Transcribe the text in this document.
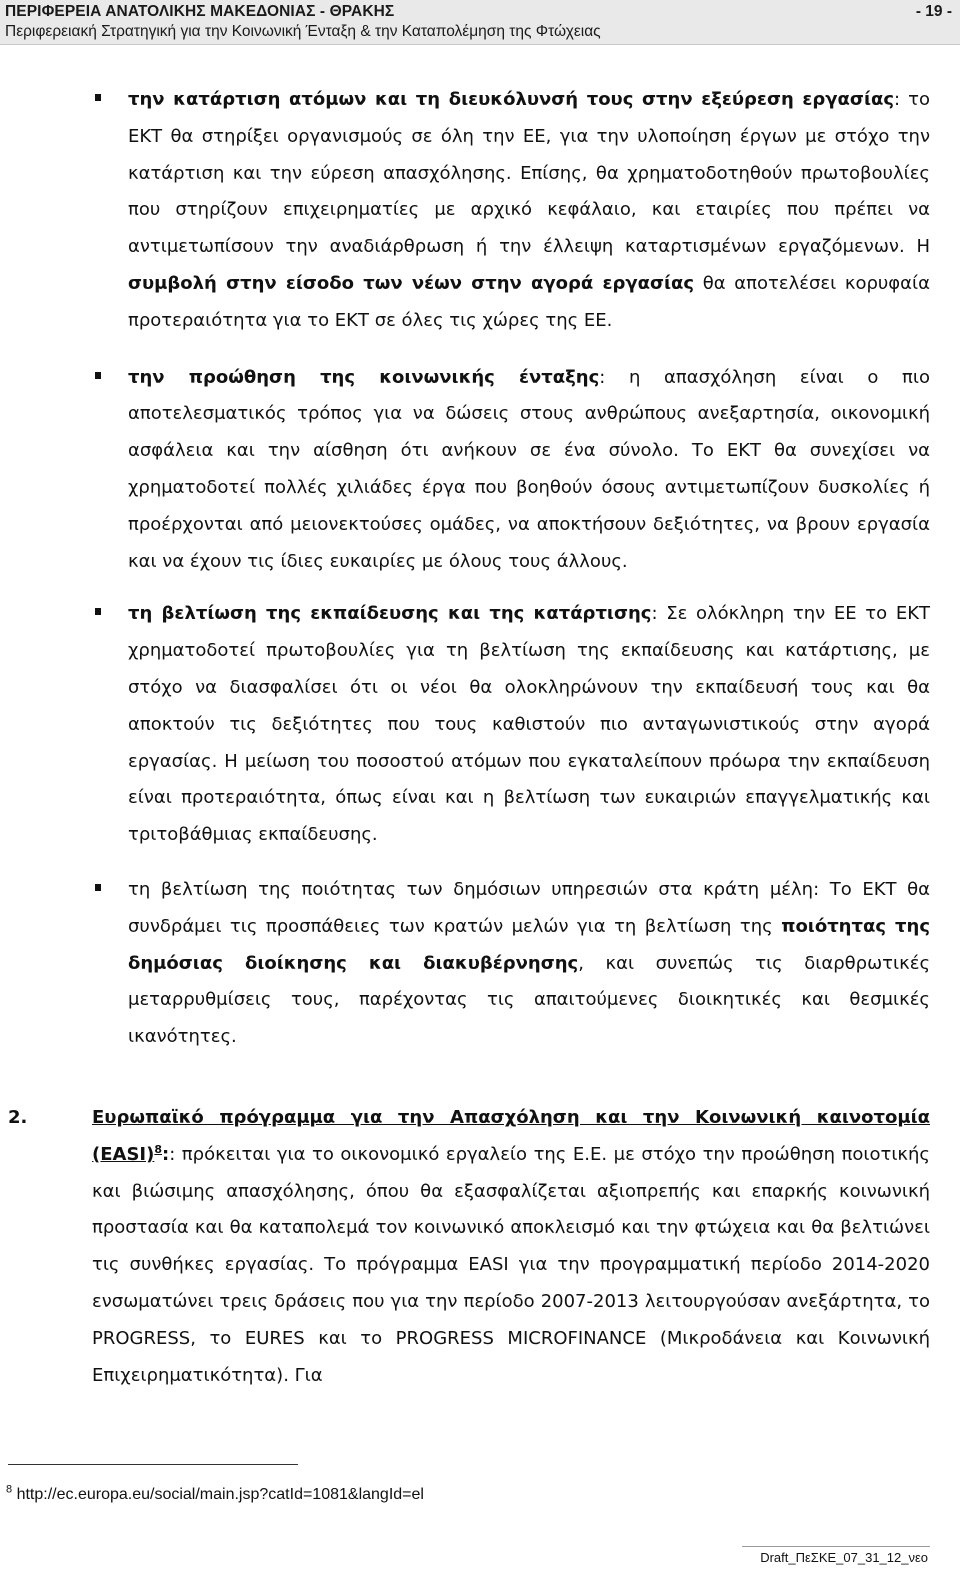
ΠΕΡΙΦΕΡΕΙΑ ΑΝΑΤΟΛΙΚΗΣ ΜΑΚΕΔΟΝΙΑΣ - ΘΡΑΚΗΣ
Περιφερειακή Στρατηγική για την Κοινωνική Ένταξη & την Καταπολέμηση της Φτώχειας
- 19 -

την κατάρτιση ατόμων και τη διευκόλυνσή τους στην εξεύρεση εργασίας: το ΕΚΤ θα στηρίξει οργανισμούς σε όλη την ΕΕ, για την υλοποίηση έργων με στόχο την κατάρτιση και την εύρεση απασχόλησης. Επίσης, θα χρηματοδοτηθούν πρωτοβουλίες που στηρίζουν επιχειρηματίες με αρχικό κεφάλαιο, και εταιρίες που πρέπει να αντιμετωπίσουν την αναδιάρθρωση ή την έλλειψη καταρτισμένων εργαζόμενων. Η συμβολή στην είσοδο των νέων στην αγορά εργασίας θα αποτελέσει κορυφαία προτεραιότητα για το ΕΚΤ σε όλες τις χώρες της ΕΕ.

την προώθηση της κοινωνικής ένταξης: η απασχόληση είναι ο πιο αποτελεσματικός τρόπος για να δώσεις στους ανθρώπους ανεξαρτησία, οικονομική ασφάλεια και την αίσθηση ότι ανήκουν σε ένα σύνολο. Το ΕΚΤ θα συνεχίσει να χρηματοδοτεί πολλές χιλιάδες έργα που βοηθούν όσους αντιμετωπίζουν δυσκολίες ή προέρχονται από μειονεκτούσες ομάδες, να αποκτήσουν δεξιότητες, να βρουν εργασία και να έχουν τις ίδιες ευκαιρίες με όλους τους άλλους.

τη βελτίωση της εκπαίδευσης και της κατάρτισης: Σε ολόκληρη την ΕΕ το ΕΚΤ χρηματοδοτεί πρωτοβουλίες για τη βελτίωση της εκπαίδευσης και κατάρτισης, με στόχο να διασφαλίσει ότι οι νέοι θα ολοκληρώνουν την εκπαίδευσή τους και θα αποκτούν τις δεξιότητες που τους καθιστούν πιο ανταγωνιστικούς στην αγορά εργασίας. Η μείωση του ποσοστού ατόμων που εγκαταλείπουν πρόωρα την εκπαίδευση είναι προτεραιότητα, όπως είναι και η βελτίωση των ευκαιριών επαγγελματικής και τριτοβάθμιας εκπαίδευσης.

τη βελτίωση της ποιότητας των δημόσιων υπηρεσιών στα κράτη μέλη: Το ΕΚΤ θα συνδράμει τις προσπάθειες των κρατών μελών για τη βελτίωση της ποιότητας της δημόσιας διοίκησης και διακυβέρνησης, και συνεπώς τις διαρθρωτικές μεταρρυθμίσεις τους, παρέχοντας τις απαιτούμενες διοικητικές και θεσμικές ικανότητες.

2.	Ευρωπαϊκό πρόγραμμα για την Απασχόληση και την Κοινωνική καινοτομία (EASI)$^8$:: πρόκειται για το οικονομικό εργαλείο της Ε.Ε. με στόχο την προώθηση ποιοτικής και βιώσιμης απασχόλησης, όπου θα εξασφαλίζεται αξιοπρεπής και επαρκής κοινωνική προστασία και θα καταπολεμά τον κοινωνικό αποκλεισμό και την φτώχεια και θα βελτιώνει τις συνθήκες εργασίας. Το πρόγραμμα EASI για την προγραμματική περίοδο 2014-2020 ενσωματώνει τρεις δράσεις που για την περίοδο 2007-2013 λειτουργούσαν ανεξάρτητα, το PROGRESS, το EURES και το PROGRESS MICROFINANCE (Μικροδάνεια και Κοινωνική Επιχειρηματικότητα). Για

$^8$ http://ec.europa.eu/social/main.jsp?catId=1081&langId=el
Draft_ΠεΣΚΕ_07_31_12_νεο
